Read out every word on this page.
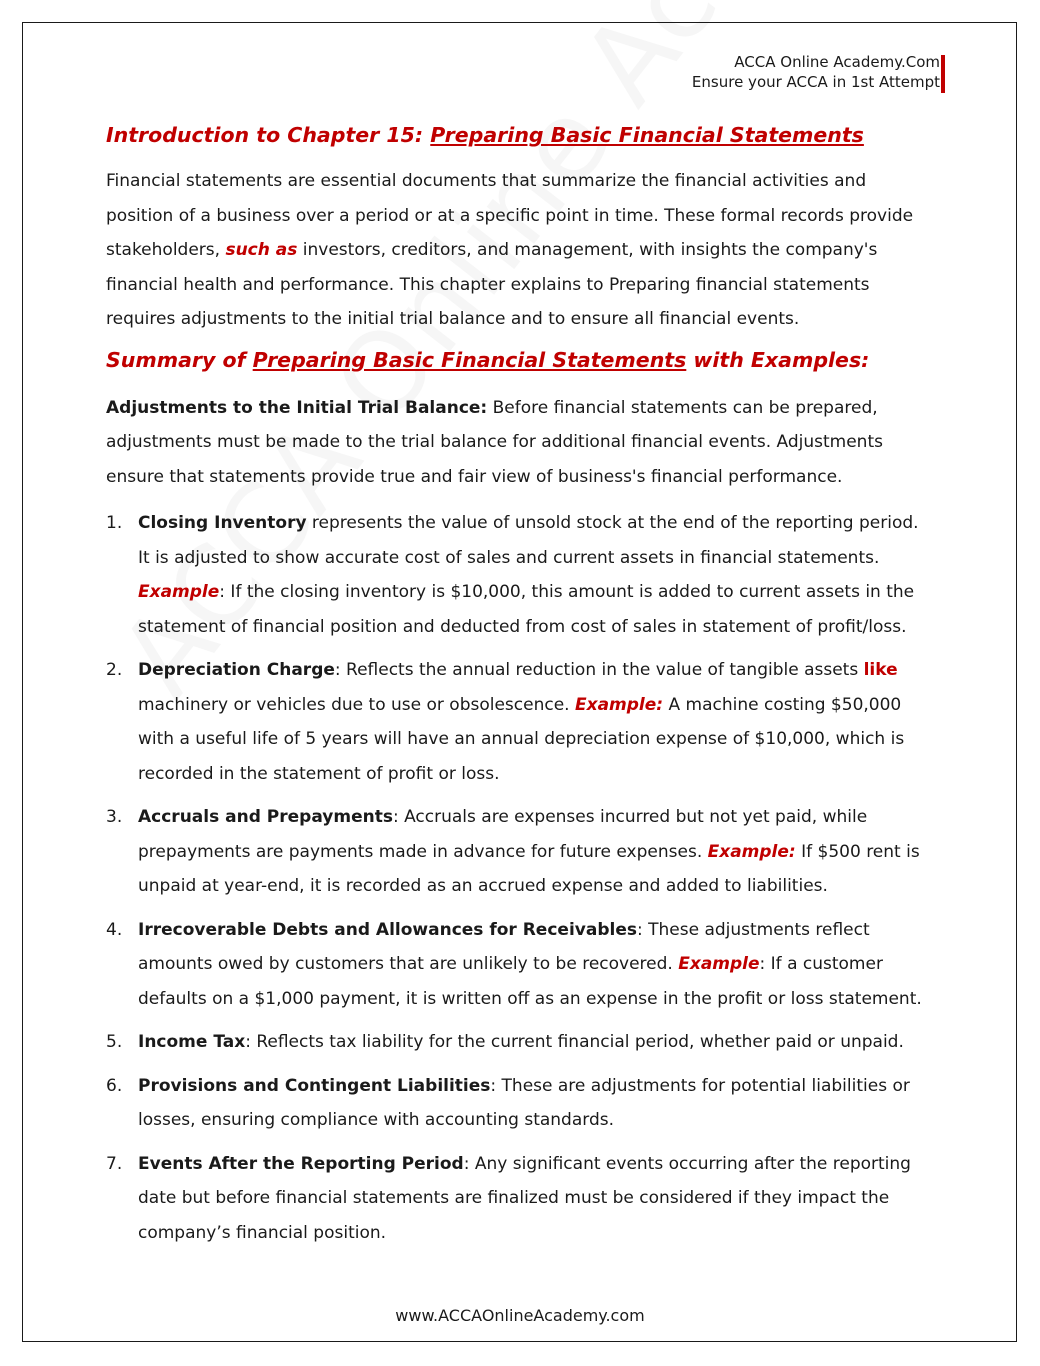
ACCA Online Academy.Com
Ensure your ACCA in 1st Attempt
Introduction to Chapter 15: Preparing Basic Financial Statements

Financial statements are essential documents that summarize the financial activities and position of a business over a period or at a specific point in time. These formal records provide stakeholders, such as investors, creditors, and management, with insights the company's financial health and performance. This chapter explains to Preparing financial statements requires adjustments to the initial trial balance and to ensure all financial events.

Summary of Preparing Basic Financial Statements with Examples:

Adjustments to the Initial Trial Balance: Before financial statements can be prepared, adjustments must be made to the trial balance for additional financial events. Adjustments ensure that statements provide true and fair view of business's financial performance.

1. Closing Inventory represents the value of unsold stock at the end of the reporting period. It is adjusted to show accurate cost of sales and current assets in financial statements. Example: If the closing inventory is $10,000, this amount is added to current assets in the statement of financial position and deducted from cost of sales in statement of profit/loss.
2. Depreciation Charge: Reflects the annual reduction in the value of tangible assets like machinery or vehicles due to use or obsolescence. Example: A machine costing $50,000 with a useful life of 5 years will have an annual depreciation expense of $10,000, which is recorded in the statement of profit or loss.
3. Accruals and Prepayments: Accruals are expenses incurred but not yet paid, while prepayments are payments made in advance for future expenses. Example: If $500 rent is unpaid at year-end, it is recorded as an accrued expense and added to liabilities.
4. Irrecoverable Debts and Allowances for Receivables: These adjustments reflect amounts owed by customers that are unlikely to be recovered. Example: If a customer defaults on a $1,000 payment, it is written off as an expense in the profit or loss statement.
5. Income Tax: Reflects tax liability for the current financial period, whether paid or unpaid.
6. Provisions and Contingent Liabilities: These are adjustments for potential liabilities or losses, ensuring compliance with accounting standards.
7. Events After the Reporting Period: Any significant events occurring after the reporting date but before financial statements are finalized must be considered if they impact the company’s financial position.
www.ACCAOnlineAcademy.com
